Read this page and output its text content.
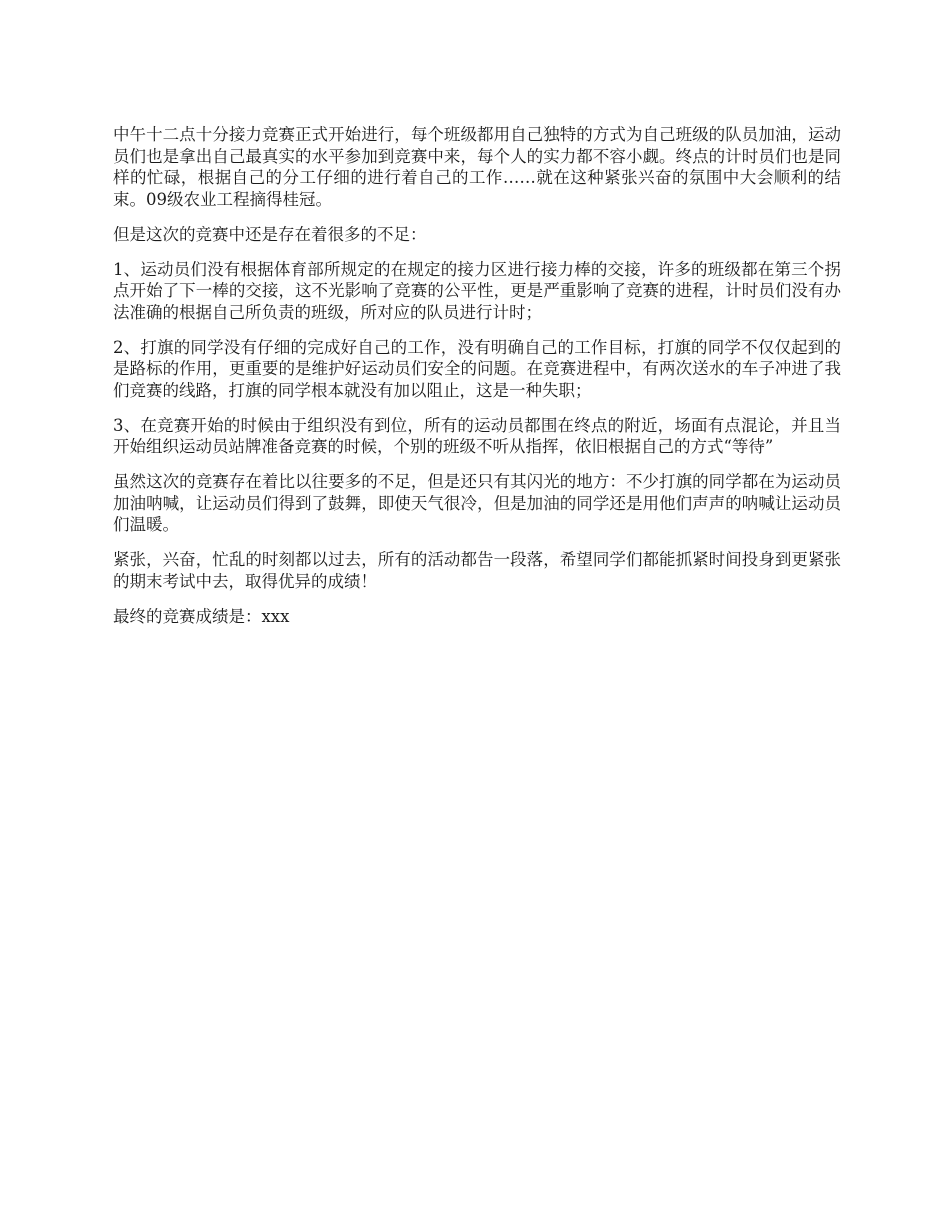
中午十二点十分接力竞赛正式开始进行，每个班级都用自己独特的方式为自己班级的队员加油，运动员们也是拿出自己最真实的水平参加到竞赛中来，每个人的实力都不容小觑。终点的计时员们也是同样的忙碌，根据自己的分工仔细的进行着自己的工作……就在这种紧张兴奋的氛围中大会顺利的结束。09级农业工程摘得桂冠。

但是这次的竞赛中还是存在着很多的不足：

1、运动员们没有根据体育部所规定的在规定的接力区进行接力棒的交接，许多的班级都在第三个拐点开始了下一棒的交接，这不光影响了竞赛的公平性，更是严重影响了竞赛的进程，计时员们没有办法准确的根据自己所负责的班级，所对应的队员进行计时；

2、打旗的同学没有仔细的完成好自己的工作，没有明确自己的工作目标，打旗的同学不仅仅起到的是路标的作用，更重要的是维护好运动员们安全的问题。在竞赛进程中，有两次送水的车子冲进了我们竞赛的线路，打旗的同学根本就没有加以阻止，这是一种失职；

3、在竞赛开始的时候由于组织没有到位，所有的运动员都围在终点的附近，场面有点混论，并且当开始组织运动员站牌准备竞赛的时候，个别的班级不听从指挥，依旧根据自己的方式“等待”

虽然这次的竞赛存在着比以往要多的不足，但是还只有其闪光的地方：不少打旗的同学都在为运动员加油呐喊，让运动员们得到了鼓舞，即使天气很冷，但是加油的同学还是用他们声声的呐喊让运动员们温暖。

紧张，兴奋，忙乱的时刻都以过去，所有的活动都告一段落，希望同学们都能抓紧时间投身到更紧张的期末考试中去，取得优异的成绩！

最终的竞赛成绩是：xxx
